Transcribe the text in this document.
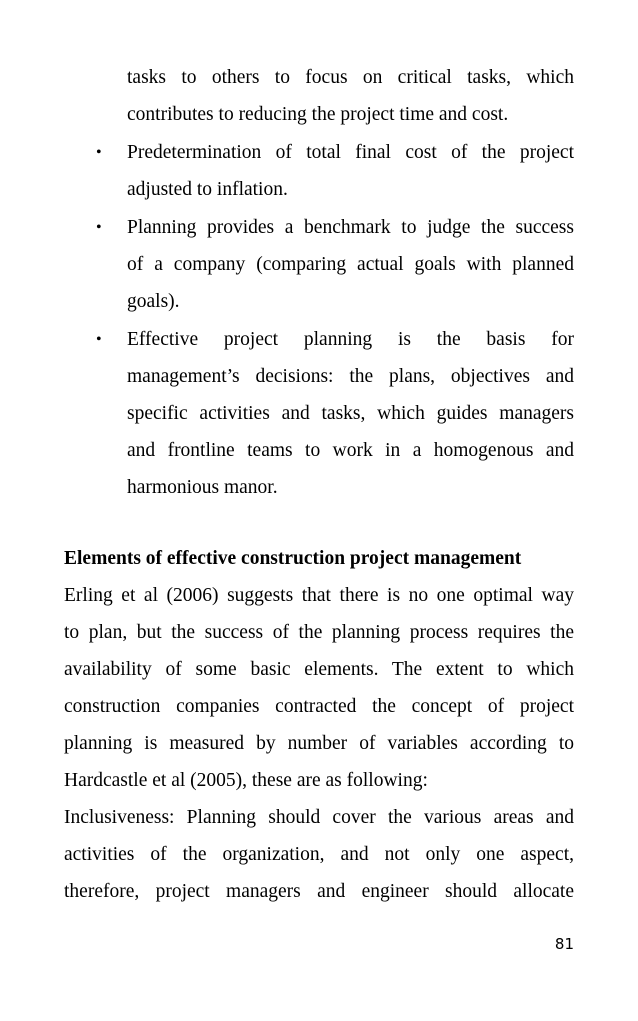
tasks to others to focus on critical tasks, which
contributes to reducing the project time and cost.
• Predetermination of total final cost of the project
adjusted to inflation.
• Planning provides a benchmark to judge the success
of a company (comparing actual goals with planned
goals).
• Effective project planning is the basis for
management’s decisions: the plans, objectives and
specific activities and tasks, which guides managers
and frontline teams to work in a homogenous and
harmonious manor.
Elements of effective construction project management
Erling et al (2006) suggests that there is no one optimal way
to plan, but the success of the planning process requires the
availability of some basic elements. The extent to which
construction companies contracted the concept of project
planning is measured by number of variables according to
Hardcastle et al (2005), these are as following:
Inclusiveness: Planning should cover the various areas and
activities of the organization, and not only one aspect,
therefore, project managers and engineer should allocate
81
